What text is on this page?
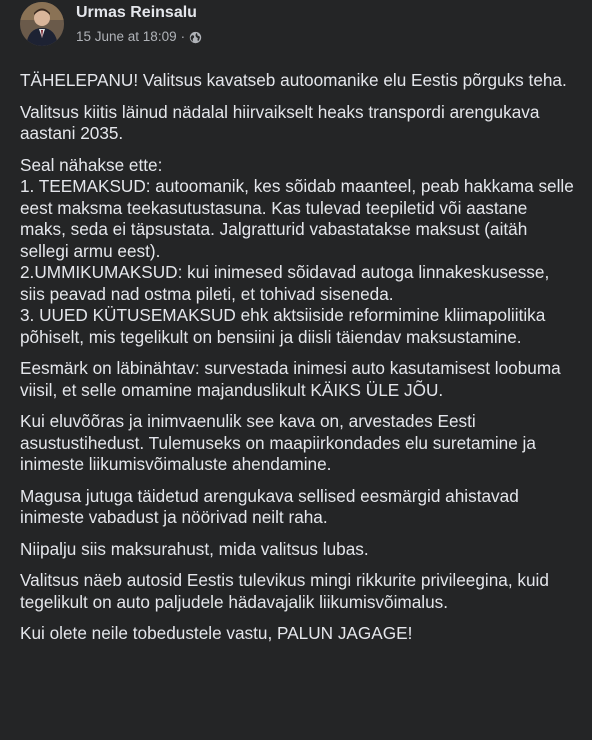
Urmas Reinsalu
15 June at 18:09 ·

TÄHELEPANU! Valitsus kavatseb autoomanike elu Eestis põrguks teha.

Valitsus kiitis läinud nädalal hiirvaikselt heaks transpordi arengukava aastani 2035.

Seal nähakse ette:
1. TEEMAKSUD: autoomanik, kes sõidab maanteel, peab hakkama selle eest maksma teekasutustasuna. Kas tulevad teepiletid või aastane maks, seda ei täpsustata. Jalgratturid vabastatakse maksust (aitäh sellegi armu eest).
2.UMMIKUMAKSUD: kui inimesed sõidavad autoga linnakeskusesse, siis peavad nad ostma pileti, et tohivad siseneda.
3. UUED KÜTUSEMAKSUD ehk aktsiiside reformimine kliimapoliitika põhiselt, mis tegelikult on bensiini ja diisli täiendav maksustamine.

Eesmärk on läbinähtav: survestada inimesi auto kasutamisest loobuma viisil, et selle omamine majanduslikult KÄIKS ÜLE JÕU.

Kui eluvõõras ja inimvaenulik see kava on, arvestades Eesti asustustihedust. Tulemuseks on maapiirkondades elu suretamine ja inimeste liikumisvõimaluste ahendamine.

Magusa jutuga täidetud arengukava sellised eesmärgid ahistavad inimeste vabadust ja nöörivad neilt raha.

Niipalju siis maksurahust, mida valitsus lubas.

Valitsus näeb autosid Eestis tulevikus mingi rikkurite privileegina, kuid tegelikult on auto paljudele hädavajalik liikumisvõimalus.

Kui olete neile tobedustele vastu, PALUN JAGAGE!
